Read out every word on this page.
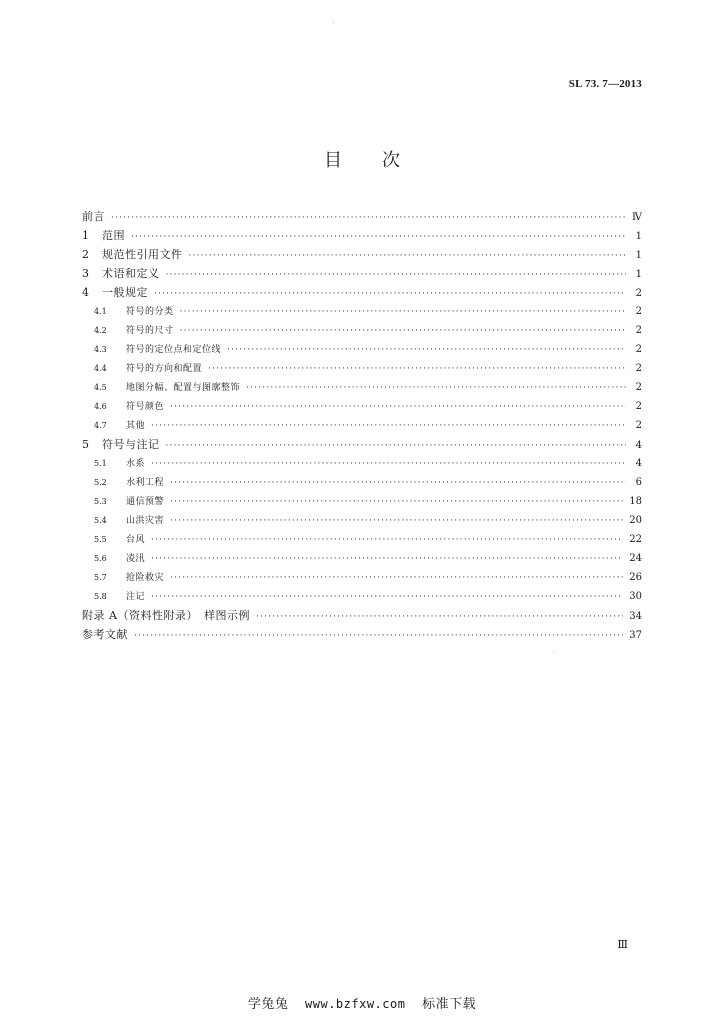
SL 73. 7—2013
目 次
前言 ·····	Ⅳ
1	范围 ·····	1
2	规范性引用文件 ·····	1
3	术语和定义 ·····	1
4	一般规定 ·····	2
4.1	符号的分类 ·····	2
4.2	符号的尺寸 ·····	2
4.3	符号的定位点和定位线 ·····	2
4.4	符号的方向和配置 ·····	2
4.5	地图分幅、配置与图廓整饰 ·····	2
4.6	符号颜色 ·····	2
4.7	其他 ·····	2
5	符号与注记 ·····	4
5.1	水系 ·····	4
5.2	水利工程 ·····	6
5.3	通信预警 ·····	18
5.4	山洪灾害 ·····	20
5.5	台风 ·····	22
5.6	凌汛 ·····	24
5.7	抢险救灾 ·····	26
5.8	注记 ·····	30
附录 A（资料性附录）　样图示例 ·····	34
参考文献 ·····	37
Ⅲ
学兔兔 www.bzfxw.com 标准下载
